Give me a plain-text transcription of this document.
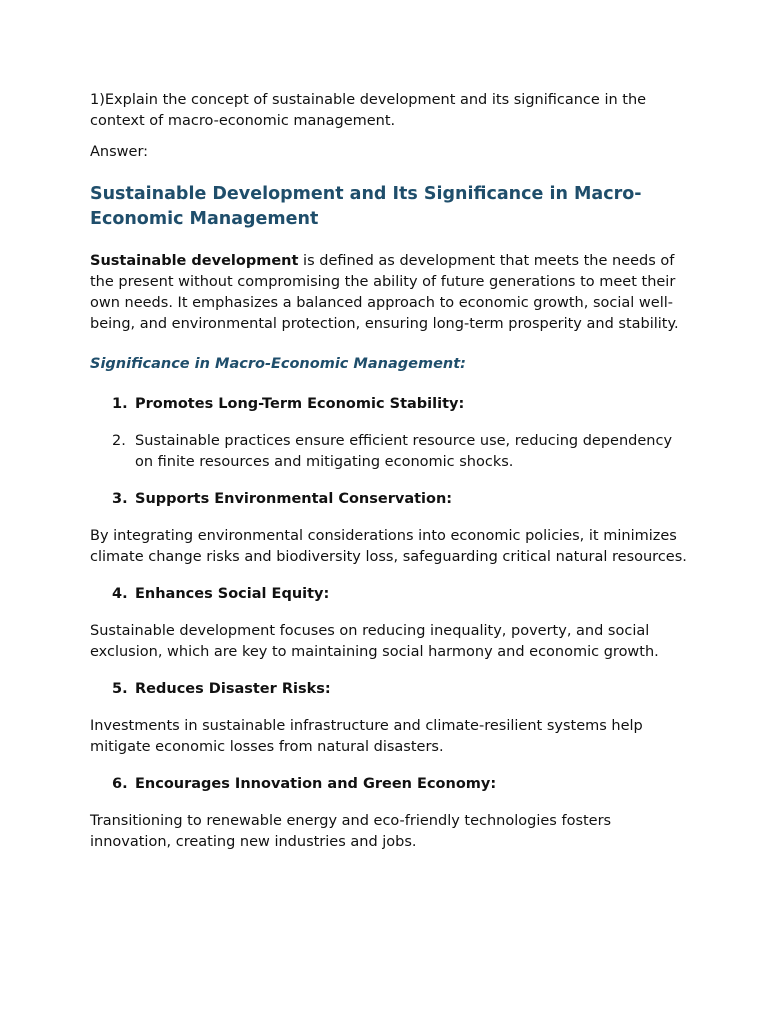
1)Explain the concept of sustainable development and its significance in the context of macro-economic management.

Answer:

Sustainable Development and Its Significance in Macro-Economic Management

Sustainable development is defined as development that meets the needs of the present without compromising the ability of future generations to meet their own needs. It emphasizes a balanced approach to economic growth, social well-being, and environmental protection, ensuring long-term prosperity and stability.

Significance in Macro-Economic Management:
1. Promotes Long-Term Economic Stability:

2. Sustainable practices ensure efficient resource use, reducing dependency on finite resources and mitigating economic shocks.

3. Supports Environmental Conservation:

By integrating environmental considerations into economic policies, it minimizes climate change risks and biodiversity loss, safeguarding critical natural resources.

4. Enhances Social Equity:

Sustainable development focuses on reducing inequality, poverty, and social exclusion, which are key to maintaining social harmony and economic growth.

5. Reduces Disaster Risks:

Investments in sustainable infrastructure and climate-resilient systems help mitigate economic losses from natural disasters.

6. Encourages Innovation and Green Economy:

Transitioning to renewable energy and eco-friendly technologies fosters innovation, creating new industries and jobs.
